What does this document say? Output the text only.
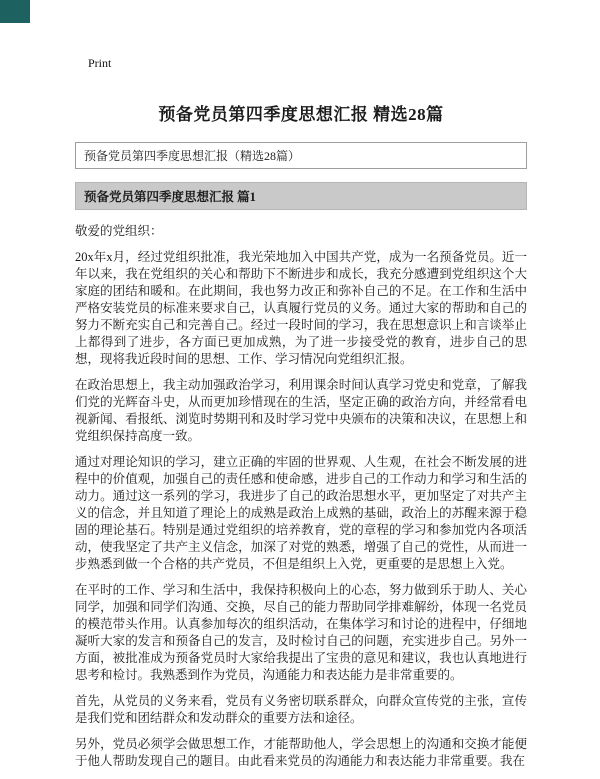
Print
预备党员第四季度思想汇报 精选28篇
预备党员第四季度思想汇报（精选28篇）
预备党员第四季度思想汇报 篇1
敬爱的党组织：

20x年x月，经过党组织批准，我光荣地加入中国共产党，成为一名预备党员。近一年以来，我在党组织的关心和帮助下不断进步和成长，我充分感遭到党组织这个大家庭的团结和暖和。在此期间，我也努力改正和弥补自己的不足。在工作和生活中严格安装党员的标准来要求自己，认真履行党员的义务。通过大家的帮助和自己的努力不断充实自己和完善自己。经过一段时间的学习，我在思想意识上和言谈举止上都得到了进步，各方面已更加成熟，为了进一步接受党的教育，进步自己的思想，现将我近段时间的思想、工作、学习情况向党组织汇报。

在政治思想上，我主动加强政治学习，利用课余时间认真学习党史和党章，了解我们党的光辉奋斗史，从而更加珍惜现在的生活，坚定正确的政治方向，并经常看电视新闻、看报纸、浏览时势期刊和及时学习党中央颁布的决策和决议，在思想上和党组织保持高度一致。

通过对理论知识的学习，建立正确的牢固的世界观、人生观，在社会不断发展的进程中的价值观，加强自己的责任感和使命感，进步自己的工作动力和学习和生活的动力。通过这一系列的学习，我进步了自己的政治思想水平，更加坚定了对共产主义的信念，并且知道了理论上的成熟是政治上成熟的基础，政治上的苏醒来源于稳固的理论基石。特别是通过党组织的培养教育，党的章程的学习和参加党内各项活动，使我坚定了共产主义信念，加深了对党的熟悉，增强了自己的党性，从而进一步熟悉到做一个合格的共产党员，不但是组织上入党，更重要的是思想上入党。

在平时的工作、学习和生活中，我保持积极向上的心态，努力做到乐于助人、关心同学，加强和同学们沟通、交换，尽自己的能力帮助同学排难解纷，体现一名党员的模范带头作用。认真参加每次的组织活动，在集体学习和讨论的进程中，仔细地凝听大家的发言和预备自己的发言，及时检讨自己的问题，充实进步自己。另外一方面，被批准成为预备党员时大家给我提出了宝贵的意见和建议，我也认真地进行思考和检讨。我熟悉到作为党员，沟通能力和表达能力是非常重要的。

首先，从党员的义务来看，党员有义务密切联系群众，向群众宣传党的主张，宣传是我们党和团结群众和发动群众的重要方法和途径。

另外，党员必须学会做思想工作，才能帮助他人，学会思想上的沟通和交换才能便于他人帮助发现自己的题目。由此看来党员的沟通能力和表达能力非常重要。我在
